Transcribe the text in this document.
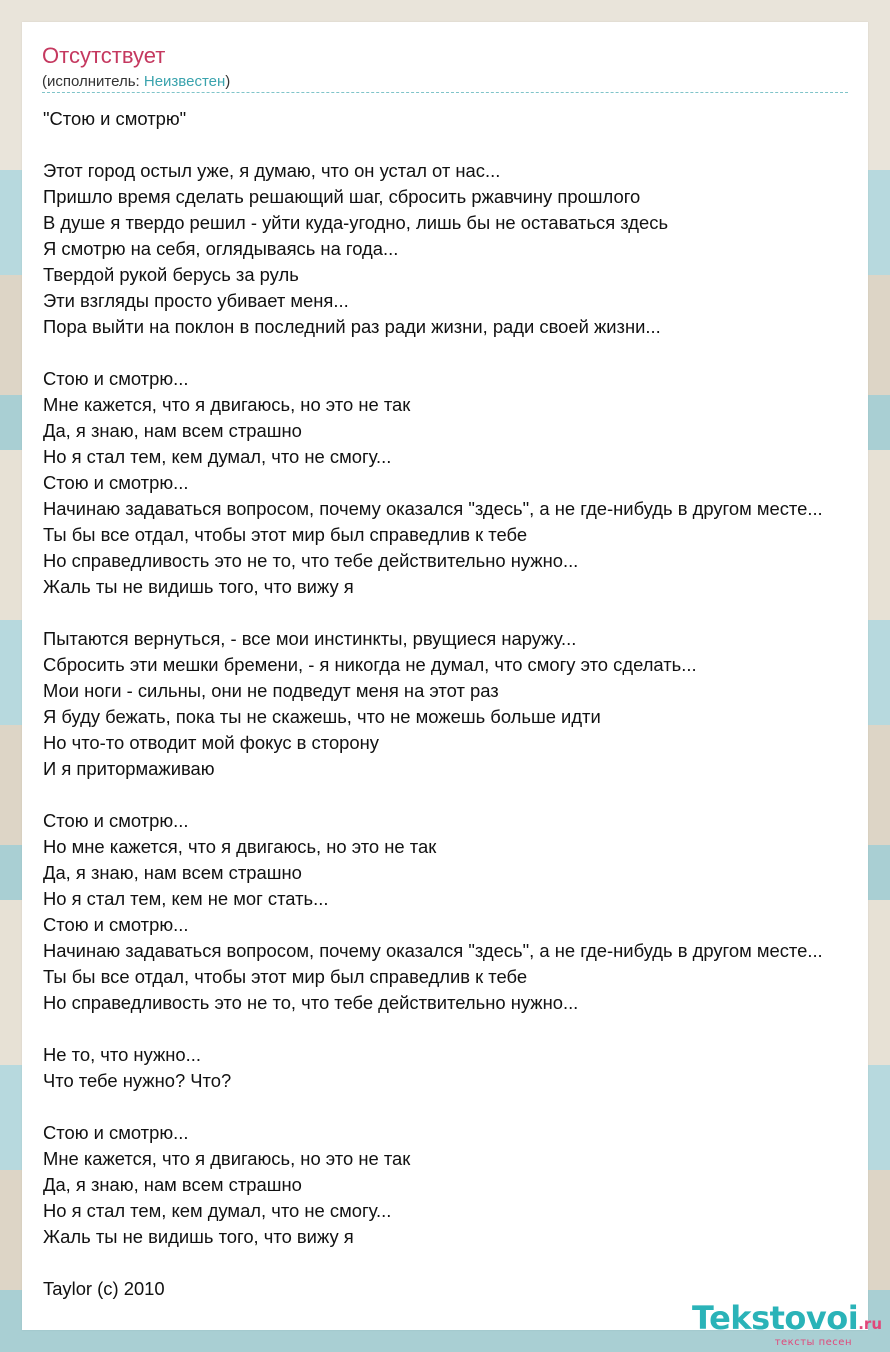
Отсутствует
(исполнитель: Неизвестен)
"Стою и смотрю"

Этот город остыл уже, я думаю, что он устал от нас...
Пришло время сделать решающий шаг, сбросить ржавчину прошлого
В душе я твердо решил - уйти куда-угодно, лишь бы не оставаться здесь
Я смотрю на себя, оглядываясь на года...
Твердой рукой берусь за руль
Эти взгляды просто убивает меня...
Пора выйти на поклон в последний раз ради жизни, ради своей жизни...

Стою и смотрю...
Мне кажется, что я двигаюсь, но это не так
Да, я знаю, нам всем страшно
Но я стал тем, кем думал, что не смогу...
Стою и смотрю...
Начинаю задаваться вопросом, почему оказался "здесь", а не где-нибудь в другом месте...
Ты бы все отдал, чтобы этот мир был справедлив к тебе
Но справедливость это не то, что тебе действительно нужно...
Жаль ты не видишь того, что вижу я

Пытаются вернуться, - все мои инстинкты, рвущиеся наружу...
Сбросить эти мешки бремени, - я никогда не думал, что смогу это сделать...
Мои ноги - сильны, они не подведут меня на этот раз
Я буду бежать, пока ты не скажешь, что не можешь больше идти
Но что-то отводит мой фокус в сторону
И я притормаживаю

Стою и смотрю...
Но мне кажется, что я двигаюсь, но это не так
Да, я знаю, нам всем страшно
Но я стал тем, кем не мог стать...
Стою и смотрю...
Начинаю задаваться вопросом, почему оказался "здесь", а не где-нибудь в другом месте...
Ты бы все отдал, чтобы этот мир был справедлив к тебе
Но справедливость это не то, что тебе действительно нужно...

Не то, что нужно...
Что тебе нужно? Что?

Стою и смотрю...
Мне кажется, что я двигаюсь, но это не так
Да, я знаю, нам всем страшно
Но я стал тем, кем думал, что не смогу...
Жаль ты не видишь того, что вижу я

Taylor (c) 2010
Tekstovoi.ru
тексты песен
